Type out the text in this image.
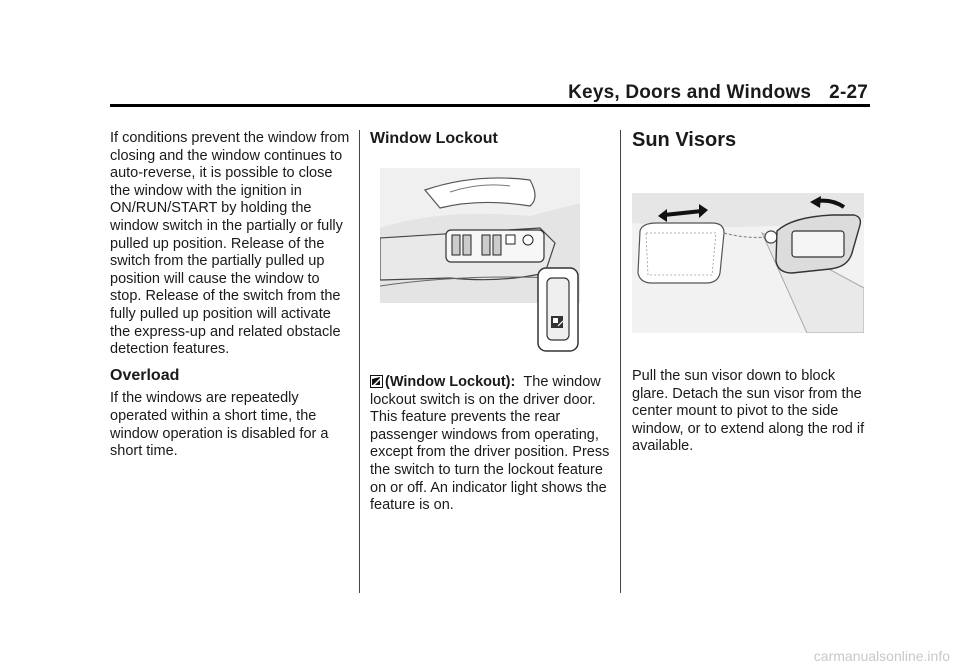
Keys, Doors and Windows 2-27

If conditions prevent the window from closing and the window continues to auto-reverse, it is possible to close the window with the ignition in ON/RUN/START by holding the window switch in the partially or fully pulled up position. Release of the switch from the partially pulled up position will cause the window to stop. Release of the switch from the fully pulled up position will activate the express-up and related obstacle detection features.

Overload

If the windows are repeatedly operated within a short time, the window operation is disabled for a short time.

Window Lockout

(Window Lockout): The window lockout switch is on the driver door. This feature prevents the rear passenger windows from operating, except from the driver position. Press the switch to turn the lockout feature on or off. An indicator light shows the feature is on.

Sun Visors

Pull the sun visor down to block glare. Detach the sun visor from the center mount to pivot to the side window, or to extend along the rod if available.

carmanualsonline.info
